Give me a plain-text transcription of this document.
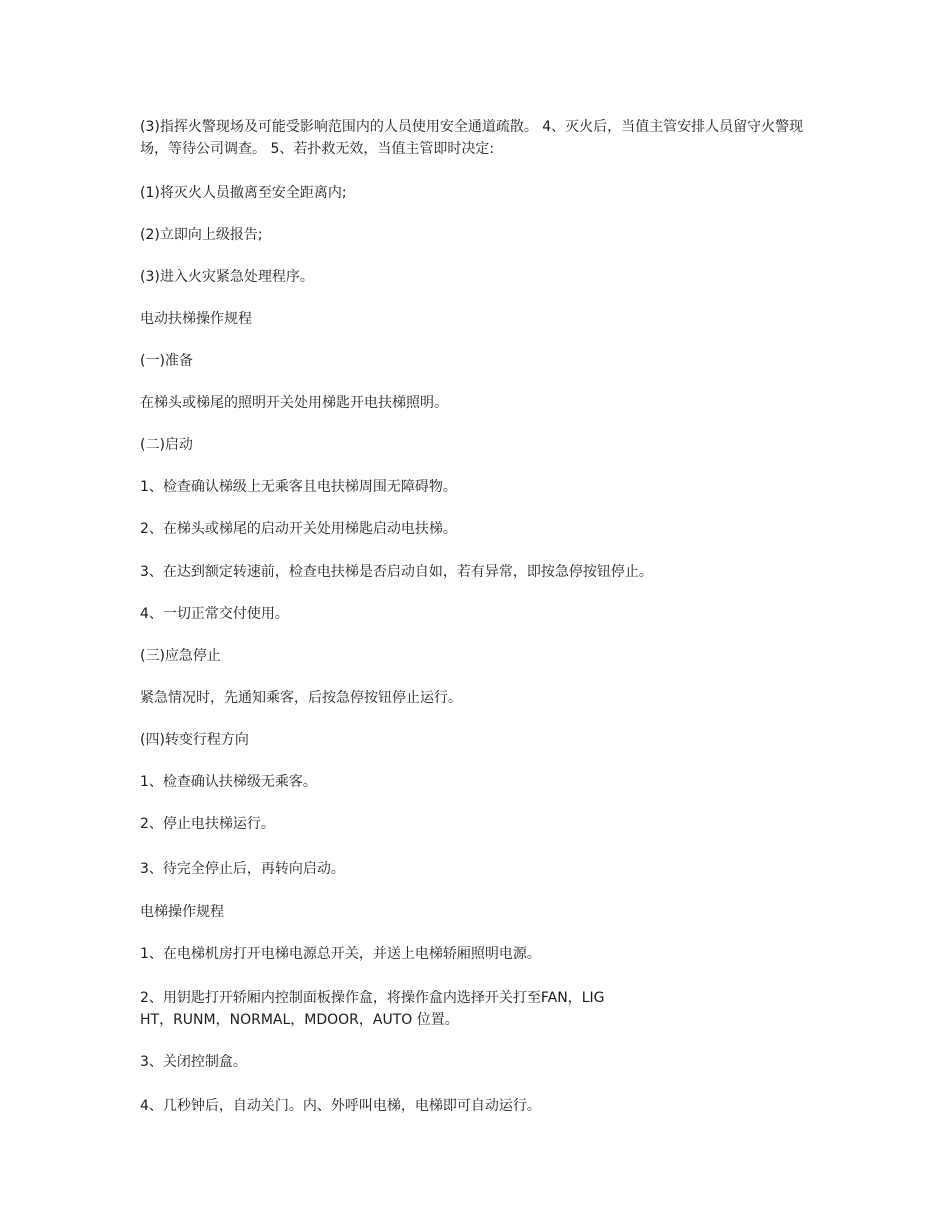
(3)指挥火警现场及可能受影响范围内的人员使用安全通道疏散。 4、灭火后，当值主管安排人员留守火警现场，等待公司调查。 5、若扑救无效，当值主管即时决定:

(1)将灭火人员撤离至安全距离内;

(2)立即向上级报告;

(3)进入火灾紧急处理程序。

电动扶梯操作规程

(一)准备

在梯头或梯尾的照明开关处用梯匙开电扶梯照明。

(二)启动

1、检查确认梯级上无乘客且电扶梯周围无障碍物。

2、在梯头或梯尾的启动开关处用梯匙启动电扶梯。

3、在达到额定转速前，检查电扶梯是否启动自如，若有异常，即按急停按钮停止。

4、一切正常交付使用。

(三)应急停止

紧急情况时，先通知乘客，后按急停按钮停止运行。

(四)转变行程方向

1、检查确认扶梯级无乘客。

2、停止电扶梯运行。

3、待完全停止后，再转向启动。

电梯操作规程

1、在电梯机房打开电梯电源总开关，并送上电梯轿厢照明电源。

2、用钥匙打开轿厢内控制面板操作盒，将操作盒内选择开关打至FAN，LIGHT，RUNM，NORMAL，MDOOR，AUTO 位置。

3、关闭控制盒。

4、几秒钟后，自动关门。内、外呼叫电梯，电梯即可自动运行。
